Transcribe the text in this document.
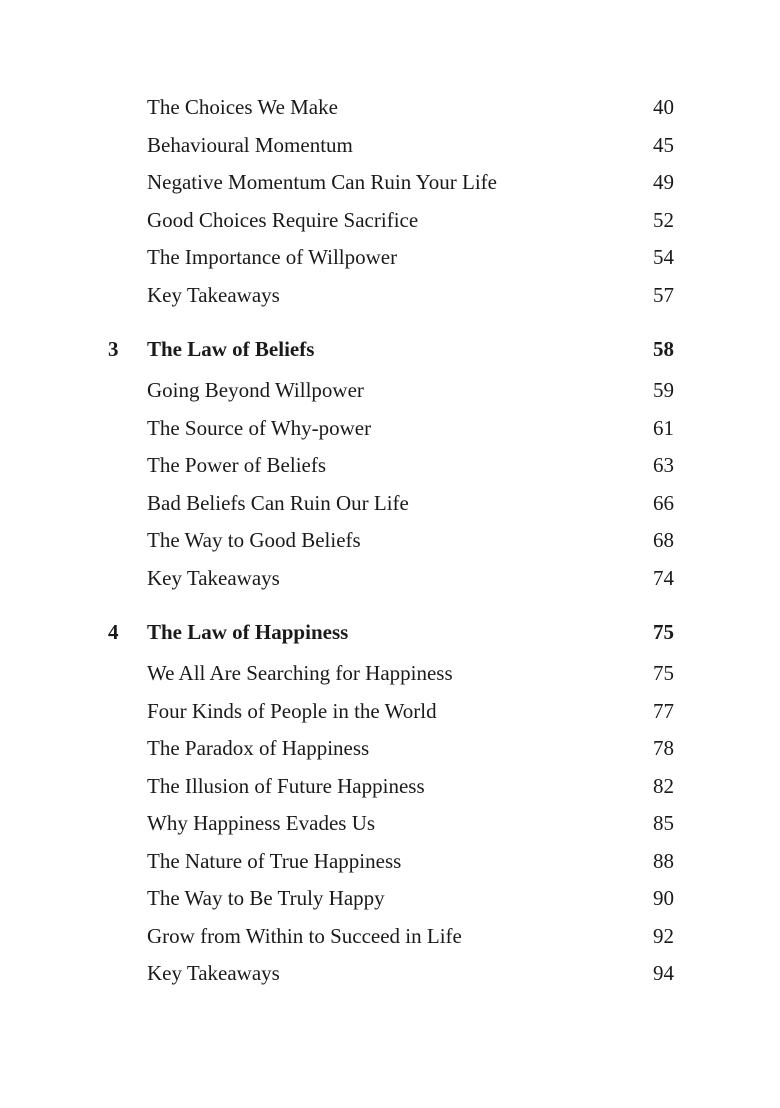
The Choices We Make	40
Behavioural Momentum	45
Negative Momentum Can Ruin Your Life	49
Good Choices Require Sacrifice	52
The Importance of Willpower	54
Key Takeaways	57
3 The Law of Beliefs	58
Going Beyond Willpower	59
The Source of Why-power	61
The Power of Beliefs	63
Bad Beliefs Can Ruin Our Life	66
The Way to Good Beliefs	68
Key Takeaways	74
4 The Law of Happiness	75
We All Are Searching for Happiness	75
Four Kinds of People in the World	77
The Paradox of Happiness	78
The Illusion of Future Happiness	82
Why Happiness Evades Us	85
The Nature of True Happiness	88
The Way to Be Truly Happy	90
Grow from Within to Succeed in Life	92
Key Takeaways	94
